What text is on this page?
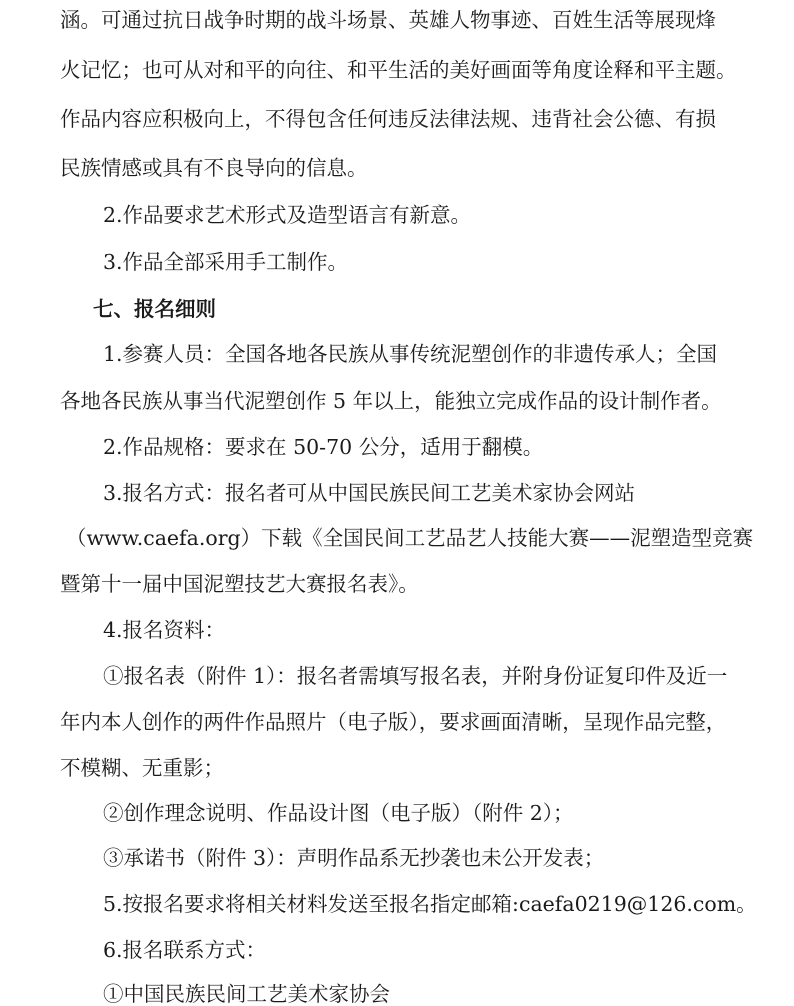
涵。可通过抗日战争时期的战斗场景、英雄人物事迹、百姓生活等展现烽
火记忆；也可从对和平的向往、和平生活的美好画面等角度诠释和平主题。
作品内容应积极向上，不得包含任何违反法律法规、违背社会公德、有损
民族情感或具有不良导向的信息。
2.作品要求艺术形式及造型语言有新意。
3.作品全部采用手工制作。
七、报名细则
1.参赛人员：全国各地各民族从事传统泥塑创作的非遗传承人；全国
各地各民族从事当代泥塑创作 5 年以上，能独立完成作品的设计制作者。
2.作品规格：要求在 50-70 公分，适用于翻模。
3.报名方式：报名者可从中国民族民间工艺美术家协会网站
（www.caefa.org）下载《全国民间工艺品艺人技能大赛——泥塑造型竞赛
暨第十一届中国泥塑技艺大赛报名表》。
4.报名资料：
①报名表（附件 1）：报名者需填写报名表，并附身份证复印件及近一
年内本人创作的两件作品照片（电子版），要求画面清晰，呈现作品完整，
不模糊、无重影；
②创作理念说明、作品设计图（电子版）（附件 2）；
③承诺书（附件 3）：声明作品系无抄袭也未公开发表；
5.按报名要求将相关材料发送至报名指定邮箱:caefa0219@126.com。
6.报名联系方式：
①中国民族民间工艺美术家协会
